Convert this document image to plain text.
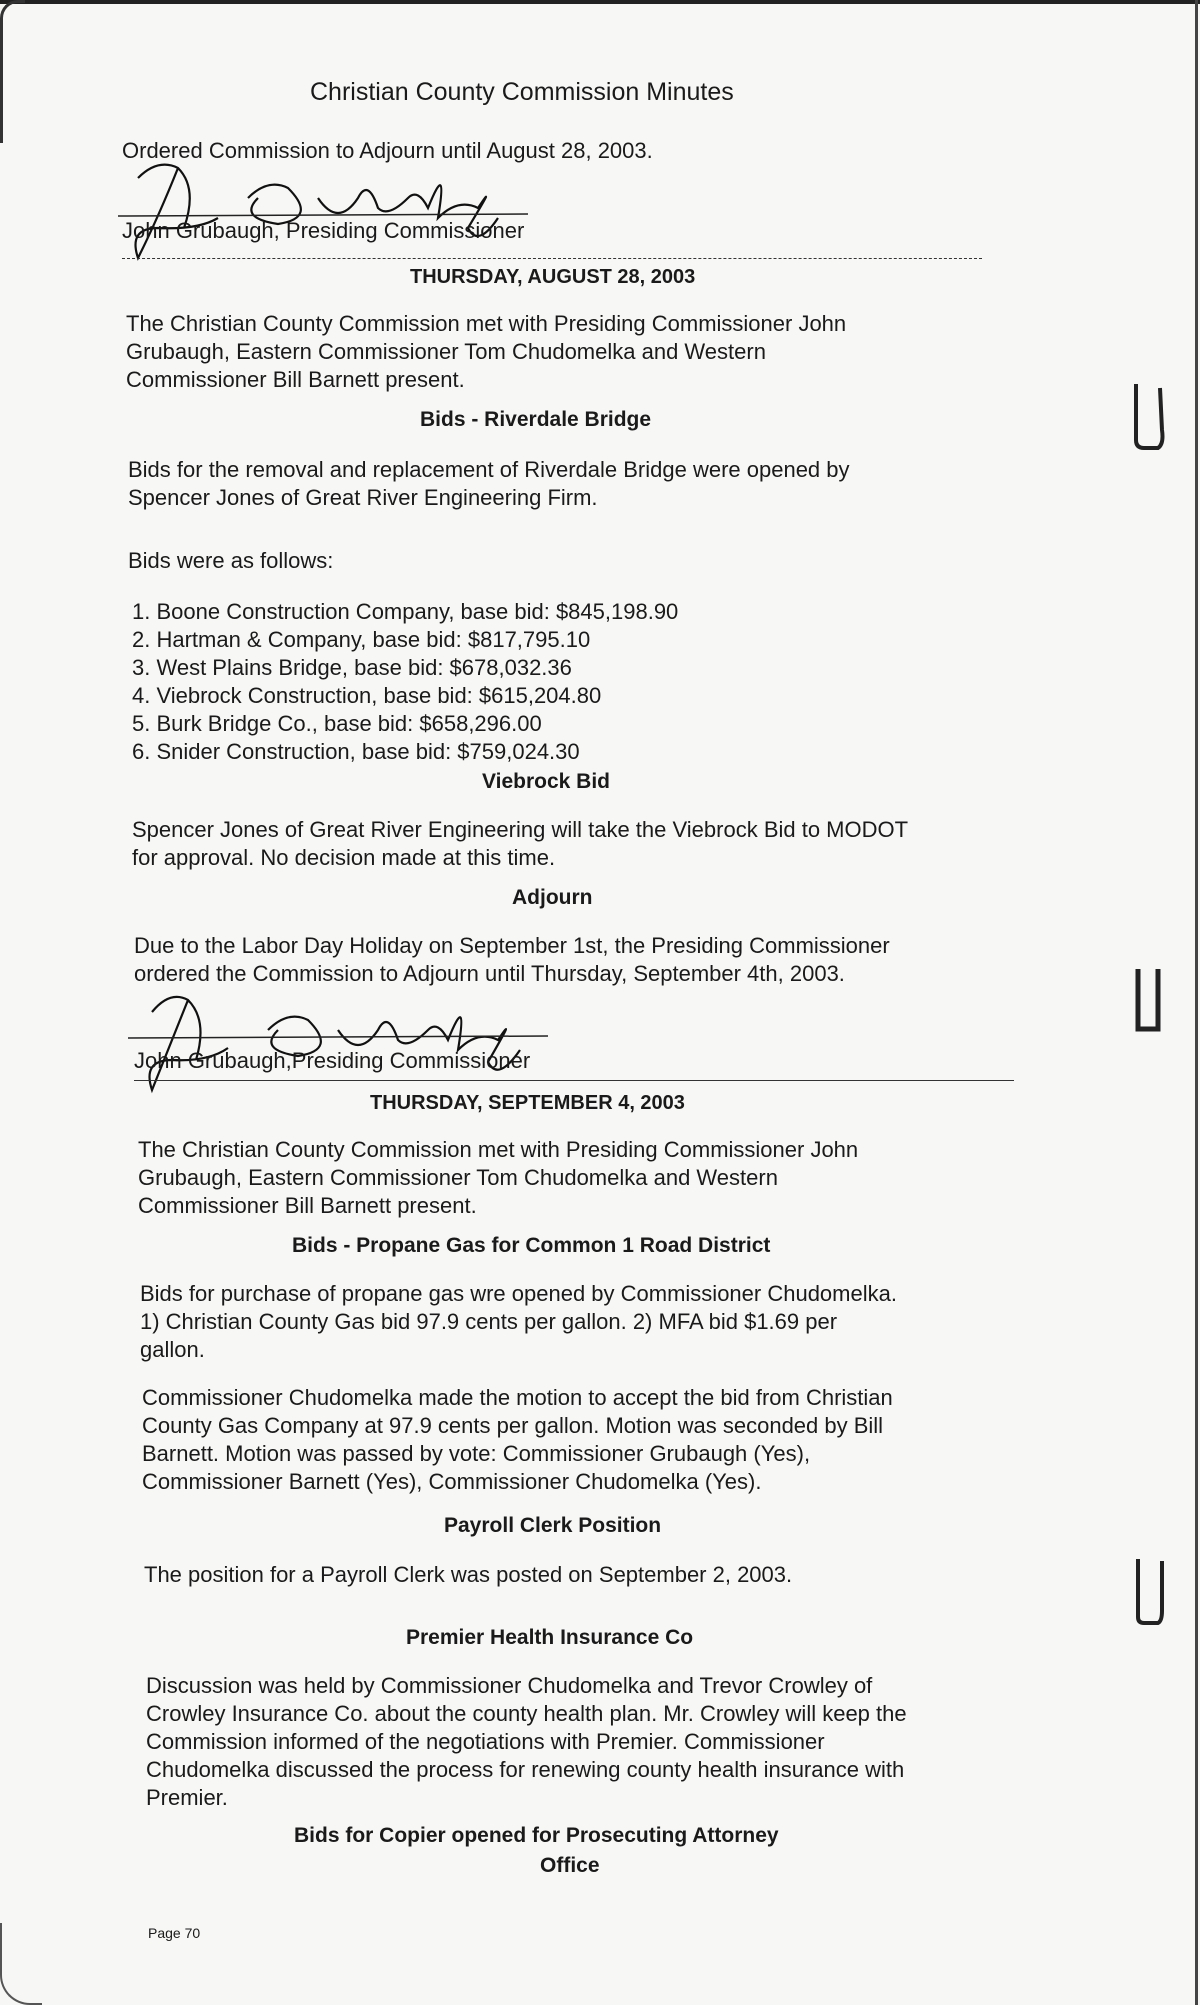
Christian County Commission Minutes
Ordered Commission to Adjourn until August 28, 2003.
John Grubaugh, Presiding Commissioner
THURSDAY, AUGUST 28, 2003
The Christian County Commission met with Presiding Commissioner John
Grubaugh, Eastern Commissioner Tom Chudomelka and Western
Commissioner Bill Barnett present.
Bids - Riverdale Bridge
Bids for the removal and replacement of Riverdale Bridge were opened by
Spencer Jones of Great River Engineering Firm.
Bids were as follows:
1. Boone Construction Company, base bid: $845,198.90
2. Hartman & Company, base bid: $817,795.10
3. West Plains Bridge, base bid: $678,032.36
4. Viebrock Construction, base bid: $615,204.80
5. Burk Bridge Co., base bid: $658,296.00
6. Snider Construction, base bid: $759,024.30
Viebrock Bid
Spencer Jones of Great River Engineering will take the Viebrock Bid to MODOT
for approval. No decision made at this time.
Adjourn
Due to the Labor Day Holiday on September 1st, the Presiding Commissioner
ordered the Commission to Adjourn until Thursday, September 4th, 2003.
John Grubaugh,Presiding Commissioner
THURSDAY, SEPTEMBER 4, 2003
The Christian County Commission met with Presiding Commissioner John
Grubaugh, Eastern Commissioner Tom Chudomelka and Western
Commissioner Bill Barnett present.
Bids - Propane Gas for Common 1 Road District
Bids for purchase of propane gas wre opened by Commissioner Chudomelka.
1) Christian County Gas bid 97.9 cents per gallon. 2) MFA bid $1.69 per
gallon.
Commissioner Chudomelka made the motion to accept the bid from Christian
County Gas Company at 97.9 cents per gallon. Motion was seconded by Bill
Barnett. Motion was passed by vote: Commissioner Grubaugh (Yes),
Commissioner Barnett (Yes), Commissioner Chudomelka (Yes).
Payroll Clerk Position
The position for a Payroll Clerk was posted on September 2, 2003.
Premier Health Insurance Co
Discussion was held by Commissioner Chudomelka and Trevor Crowley of
Crowley Insurance Co. about the county health plan. Mr. Crowley will keep the
Commission informed of the negotiations with Premier. Commissioner
Chudomelka discussed the process for renewing county health insurance with
Premier.
Bids for Copier opened for Prosecuting Attorney
Office
Page 70
